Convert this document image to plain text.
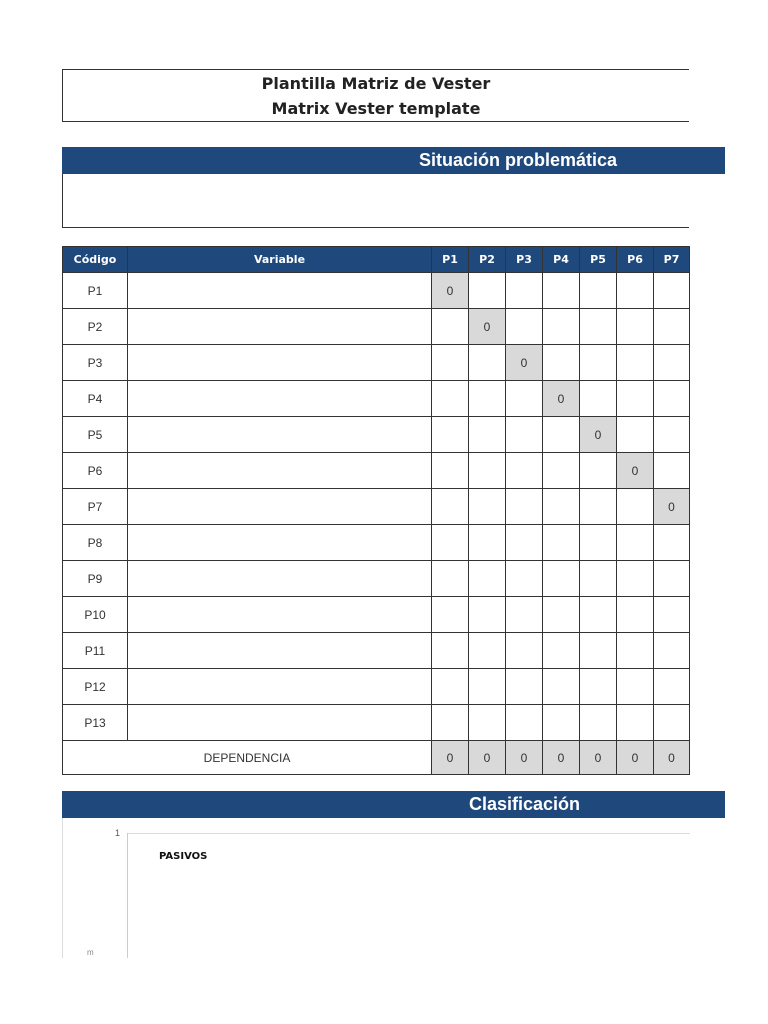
Plantilla Matriz de Vester
Matrix Vester template
Situación problemática
Código	Variable	P1	P2	P3	P4	P5	P6	P7
P1		0						
P2			0					
P3				0				
P4					0			
P5						0		
P6							0	
P7								0
P8								
P9								
P10								
P11								
P12								
P13								
DEPENDENCIA		0	0	0	0	0	0	0
Clasificación
1
m
PASIVOS
